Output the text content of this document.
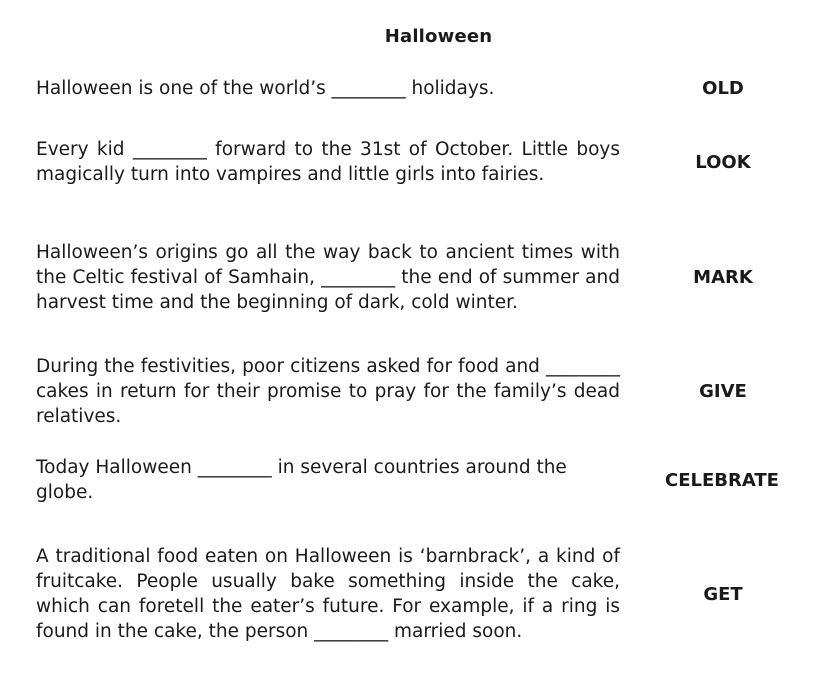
Halloween

Halloween is one of the world’s ________ holidays.	OLD

Every kid ________ forward to the 31st of October. Little boys magically turn into vampires and little girls into fairies.

LOOK

Halloween’s origins go all the way back to ancient times with the Celtic festival of Samhain, ________ the end of summer and harvest time and the beginning of dark, cold winter.

MARK

During the festivities, poor citizens asked for food and ________ cakes in return for their promise to pray for the family’s dead relatives.

GIVE

Today Halloween ________ in several countries around the globe.

CELEBRATE

A traditional food eaten on Halloween is ‘barnbrack’, a kind of fruitcake. People usually bake something inside the cake, which can foretell the eater’s future. For example, if a ring is found in the cake, the person ________ married soon.

GET
